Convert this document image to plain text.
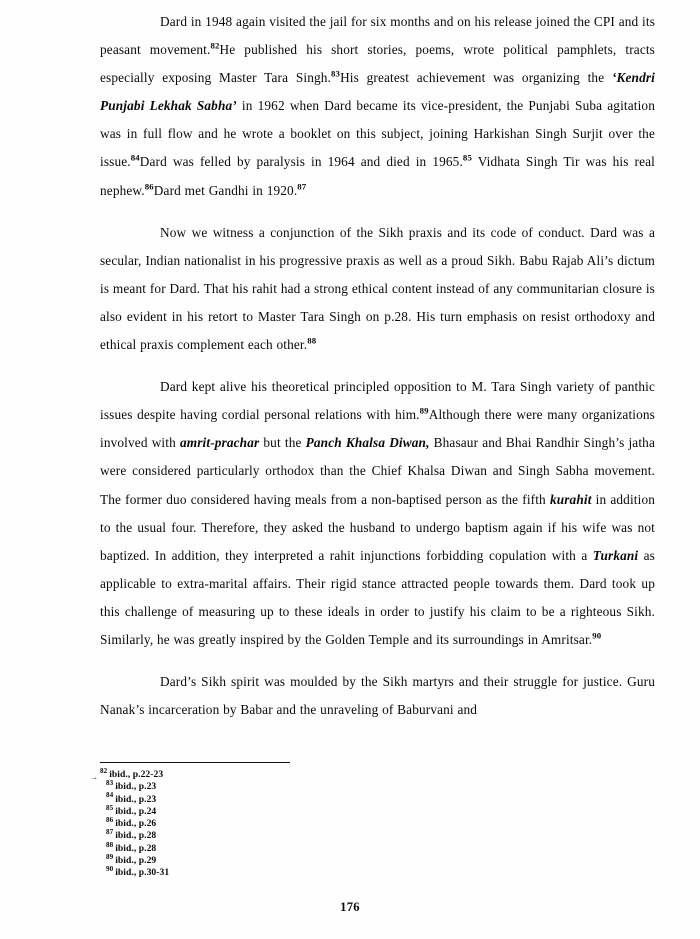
Dard in 1948 again visited the jail for six months and on his release joined the CPI and its peasant movement.$^{82}$He published his short stories, poems, wrote political pamphlets, tracts especially exposing Master Tara Singh.$^{83}$His greatest achievement was organizing the ‘Kendri Punjabi Lekhak Sabha’ in 1962 when Dard became its vice-president, the Punjabi Suba agitation was in full flow and he wrote a booklet on this subject, joining Harkishan Singh Surjit over the issue.$^{84}$Dard was felled by paralysis in 1964 and died in 1965.85 Vidhata Singh Tir was his real nephew.$^{86}$Dard met Gandhi in 1920.87

Now we witness a conjunction of the Sikh praxis and its code of conduct. Dard was a secular, Indian nationalist in his progressive praxis as well as a proud Sikh. Babu Rajab Ali’s dictum is meant for Dard. That his rahit had a strong ethical content instead of any communitarian closure is also evident in his retort to Master Tara Singh on p.28. His turn emphasis on resist orthodoxy and ethical praxis complement each other.$^{88}$

Dard kept alive his theoretical principled opposition to M. Tara Singh variety of panthic issues despite having cordial personal relations with him.$^{89}$Although there were many organizations involved with amrit-prachar but the Panch Khalsa Diwan, Bhasaur and Bhai Randhir Singh’s jatha were considered particularly orthodox than the Chief Khalsa Diwan and Singh Sabha movement. The former duo considered having meals from a non-baptised person as the fifth kurahit in addition to the usual four. Therefore, they asked the husband to undergo baptism again if his wife was not baptized. In addition, they interpreted a rahit injunctions forbidding copulation with a Turkani as applicable to extra-marital affairs. Their rigid stance attracted people towards them. Dard took up this challenge of measuring up to these ideals in order to justify his claim to be a righteous Sikh. Similarly, he was greatly inspired by the Golden Temple and its surroundings in Amritsar.$^{90}$

Dard’s Sikh spirit was moulded by the Sikh martyrs and their struggle for justice. Guru Nanak’s incarceration by Babar and the unraveling of Baburvani and

→
82 ibid., p.22-23
83 ibid., p.23
84 ibid., p.23
85 ibid., p.24
86 ibid., p.26
87 ibid., p.28
88 ibid., p.28
89 ibid., p.29
90 ibid., p.30-31
176
